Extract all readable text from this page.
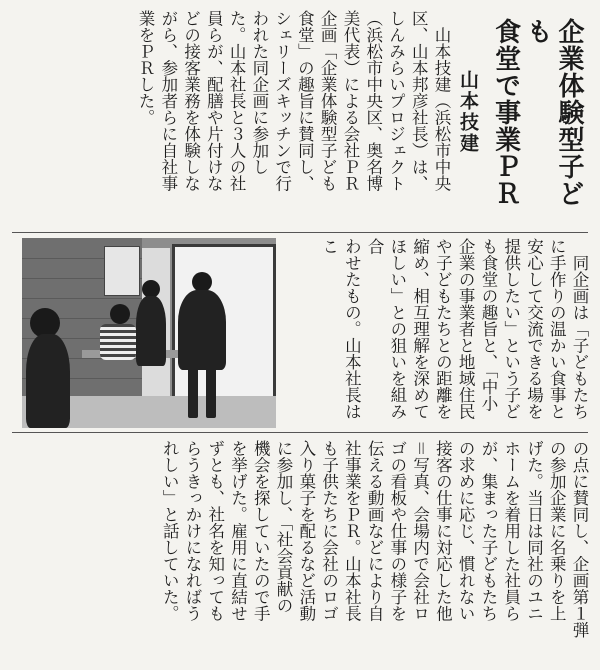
企業体験型子ども
食堂で事業ＰＲ
山本技建
　山本技建（浜松市中央
区、山本邦彦社長）は、
しんみらいプロジェクト
（浜松市中央区、奥名博
美代表）による会社ＰＲ
企画「企業体験型子ども
食堂」の趣旨に賛同し、
シェリーズキッチンで行
われた同企画に参加し
た。山本社長と３人の社
員らが、配膳や片付けな
どの接客業務を体験しな
がら、参加者らに自社事
業をＰＲした。
　同企画は「子どもたち
に手作りの温かい食事と
安心して交流できる場を
提供したい」という子ど
も食堂の趣旨と、「中小
企業の事業者と地域住民
や子どもたちとの距離を
縮め、相互理解を深めて
ほしい」との狙いを組み合
わせたもの。山本社長はこ
の点に賛同し、企画第１弾
の参加企業に名乗りを上
げた。当日は同社のユニ
ホームを着用した社員ら
が、集まった子どもたち
の求めに応じ、慣れない
接客の仕事に対応した他
＝写真、会場内で会社ロ
ゴの看板や仕事の様子を
伝える動画などにより自
社事業をＰＲ。山本社長
も子供たちに会社のロゴ
入り菓子を配るなど活動
に参加し、「社会貢献の
機会を探していたので手
を挙げた。雇用に直結せ
ずとも、社名を知っても
らうきっかけになればう
れしい」と話していた。
